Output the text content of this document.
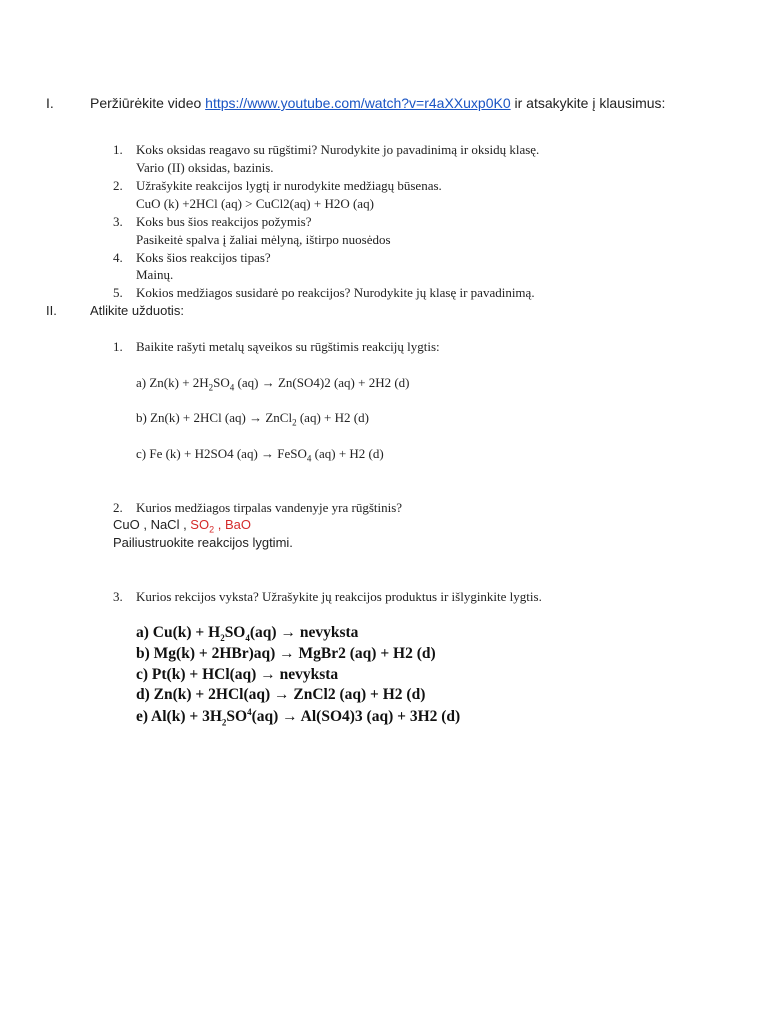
I.	Peržiūrėkite video https://www.youtube.com/watch?v=r4aXXuxp0K0 ir atsakykite į klausimus:
1. Koks oksidas reagavo su rūgštimi? Nurodykite jo pavadinimą ir oksidų klasę.
Vario (II) oksidas, bazinis.
2. Užrašykite reakcijos lygtį ir nurodykite medžiagų būsenas.
CuO (k) +2HCl (aq) > CuCl2(aq) + H2O (aq)
3. Koks bus šios reakcijos požymis?
Pasikeitė spalva į žaliai mėlyną, ištirpo nuosėdos
4. Koks šios reakcijos tipas?
Mainų.
5. Kokios medžiagos susidarė po reakcijos? Nurodykite jų klasę ir pavadinimą.
II.	Atlikite užduotis:
1. Baikite rašyti metalų sąveikos su rūgštimis reakcijų lygtis:
a) $Zn(k) + 2H_2SO_4$ (aq) → Zn(SO4)2 (aq) + 2H2 (d)
b) Zn(k) + 2HCl (aq) → ZnCl$_2$ (aq) + H2 (d)
c) Fe (k) + H2SO4 (aq) → FeSO$_4$ (aq) + H2 (d)
2. Kurios medžiagos tirpalas vandenyje yra rūgštinis?
CuO , NaCl , $SO_2$ , BaO
Pailiustruokite reakcijos lygtimi.
3. Kurios rekcijos vyksta? Užrašykite jų reakcijos produktus ir išlyginkite lygtis.
a) $Cu(k) + H_2SO_4(aq)$ → nevyksta
b) Mg(k) + 2HBr)aq) → MgBr2 (aq) + H2 (d)
c) Pt(k) + HCl(aq) → nevyksta
d) Zn(k) + 2HCl(aq) → ZnCl2 (aq) + H2 (d)
e) $Al(k) + 3H_2SO^4(aq) \to Al(SO4)3$ (aq) + 3H2 (d)
